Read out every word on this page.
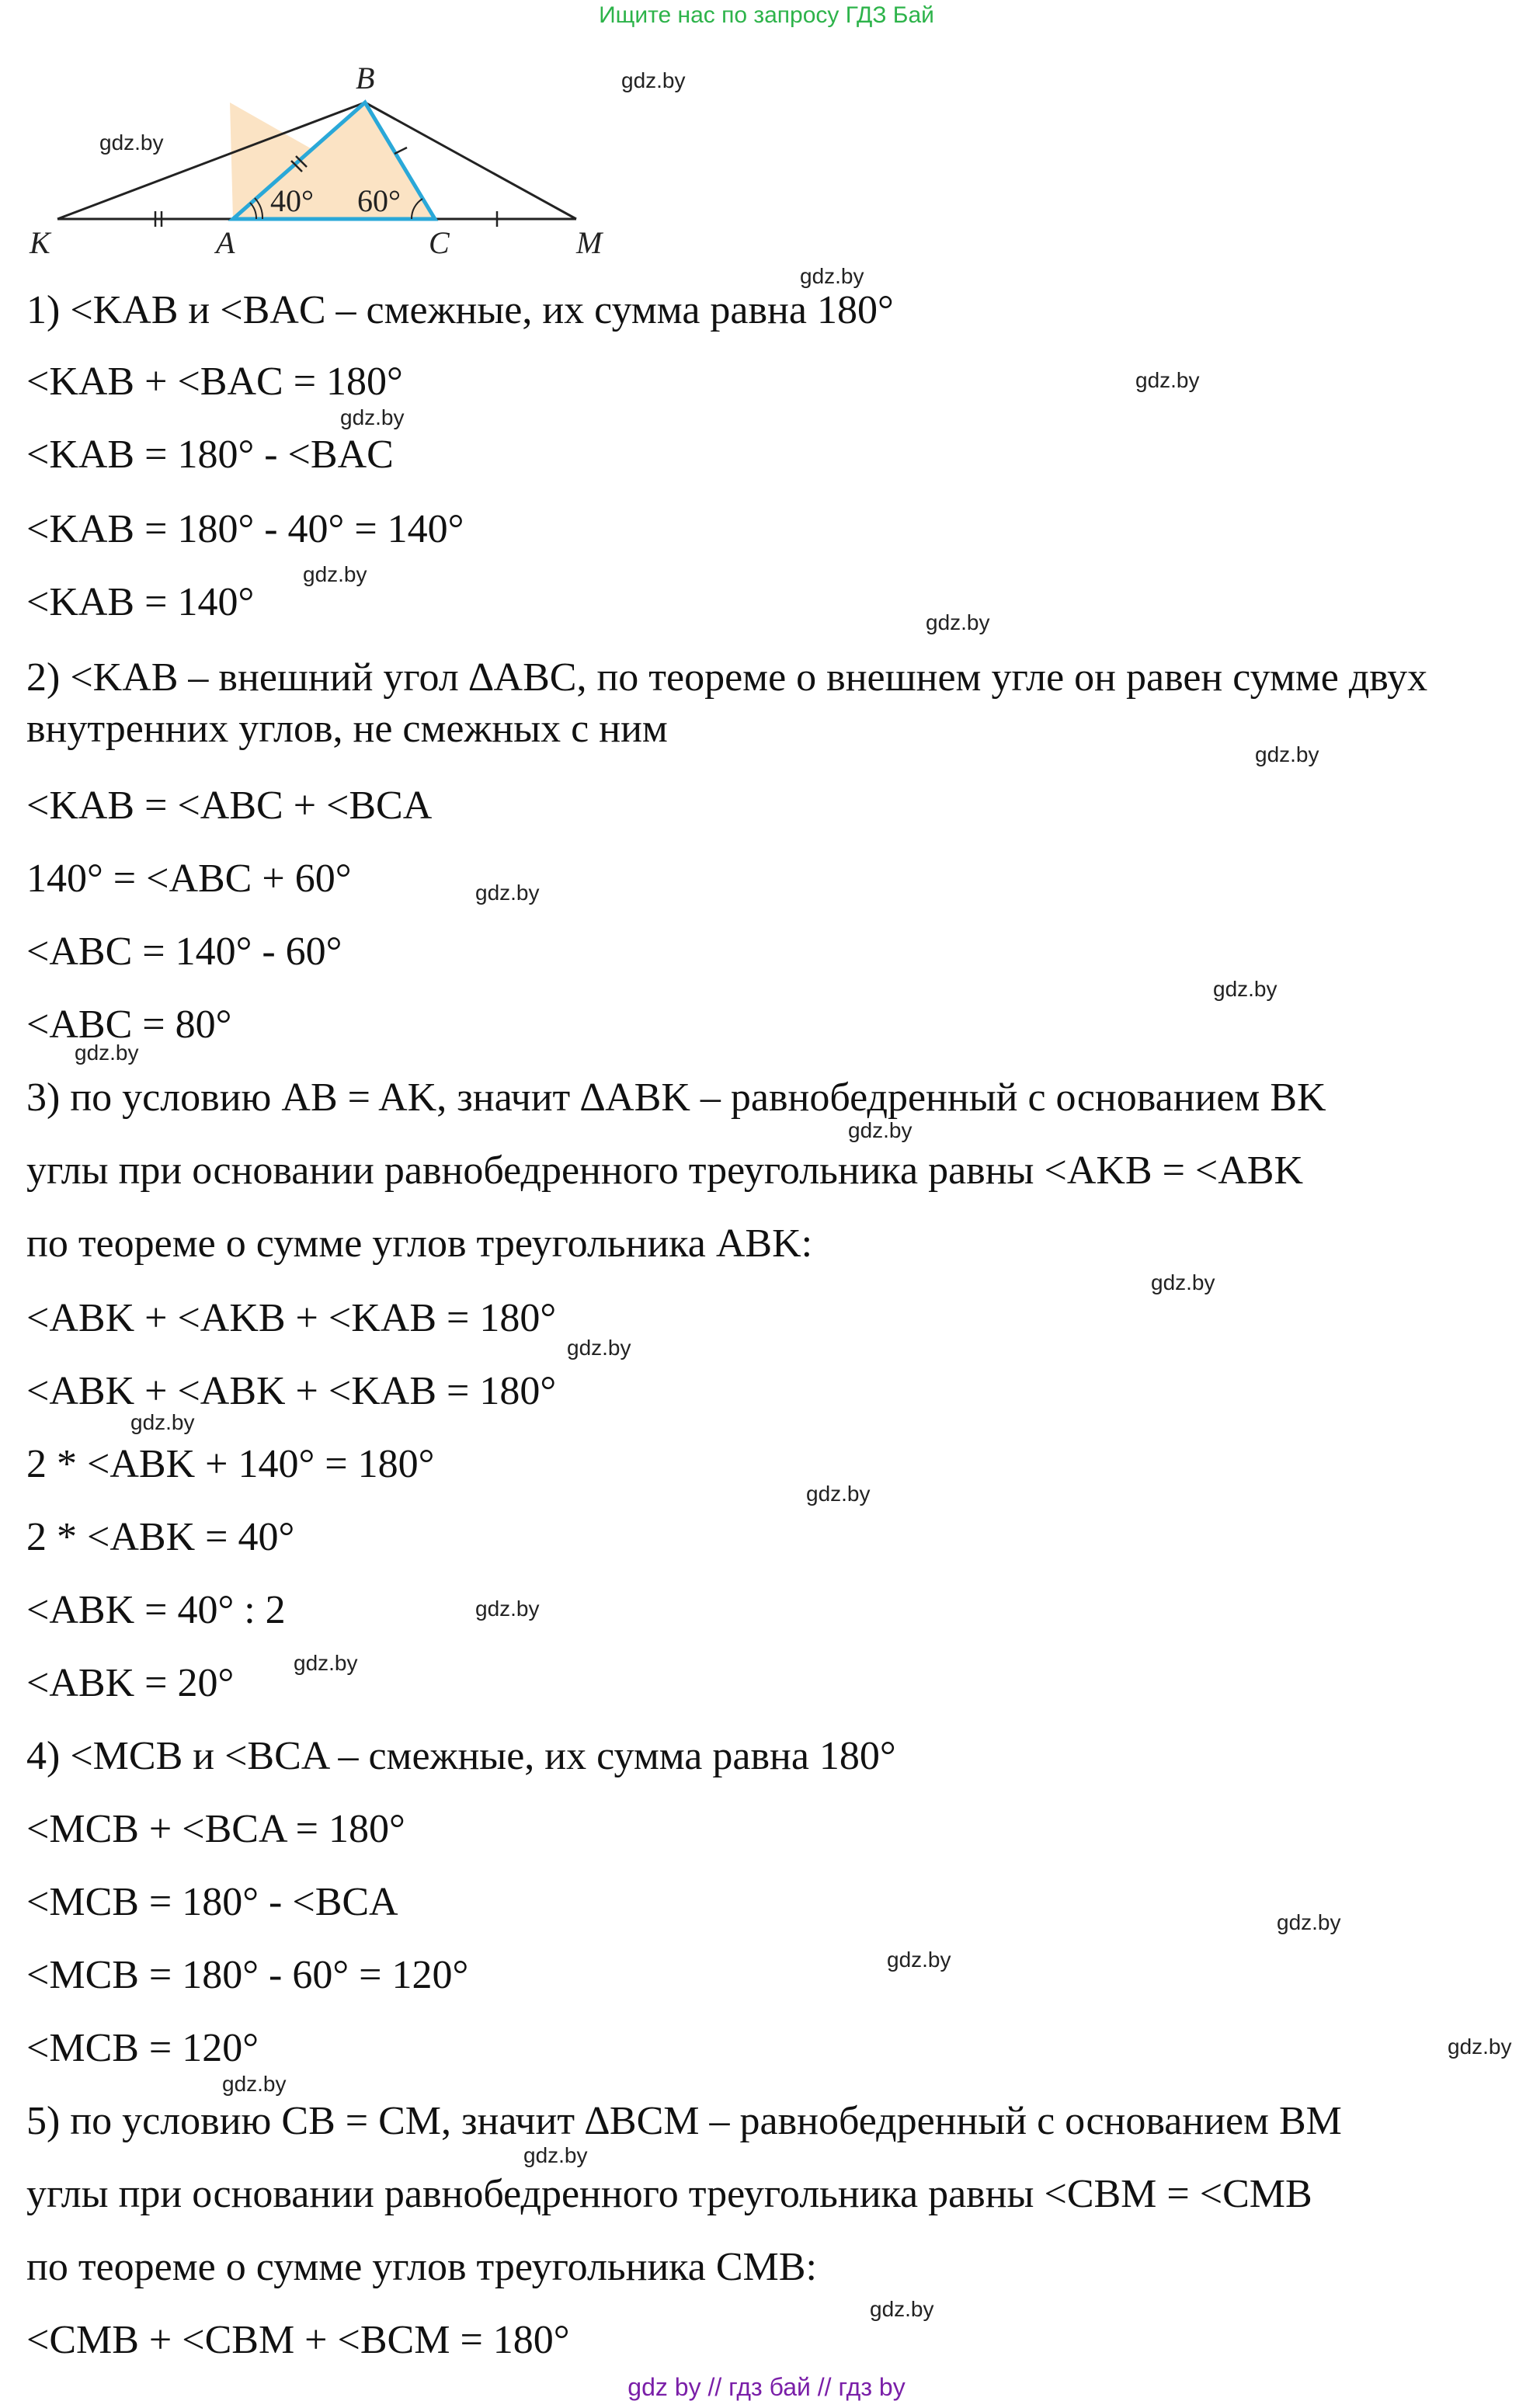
Ищите нас по запросу ГДЗ Бай
40° 60°
K	A
B
C	M
1) <KAB и <BAC – смежные, их сумма равна 180°
<KAB + <BAC = 180°
<KAB = 180° - <BAC
<KAB = 180° - 40° = 140°
<KAB = 140°
2) <KAB – внешний угол ∆ABC, по теореме о внешнем угле он равен сумме двух внутренних углов, не смежных с ним
<KAB = <ABC + <BCA
140° = <ABC + 60°
<ABC = 140° - 60°
<ABC = 80°
3) по условию AB = AK, значит ∆ABK – равнобедренный с основанием BK
углы при основании равнобедренного треугольника равны <AKB = <ABK
по теореме о сумме углов треугольника ABK:
<ABK + <AKB + <KAB = 180°
<ABK + <ABK + <KAB = 180°
2 * <ABK + 140° = 180°
2 * <ABK = 40°
<ABK = 40° : 2
<ABK = 20°
4) <MCB и <BCA – смежные, их сумма равна 180°
<MCB + <BCA = 180°
<MCB = 180° - <BCA
<MCB = 180° - 60° = 120°
<MCB = 120°
5) по условию CB = CM, значит ∆BCM – равнобедренный с основанием BM
углы при основании равнобедренного треугольника равны <CBM = <CMB
по теореме о сумме углов треугольника CMB:
<CMB + <CBM + <BCM = 180°
gdz.by
gdz.by
gdz.by
gdz.by
gdz.by
gdz.by
gdz.by
gdz.by
gdz.by
gdz.by
gdz.by
gdz.by
gdz.by
gdz.by
gdz.by
gdz.by
gdz.by
gdz.by
gdz.by
gdz.by
gdz.by
gdz.by
gdz.by
gdz.by
gdz by // гдз бай // гдз by
